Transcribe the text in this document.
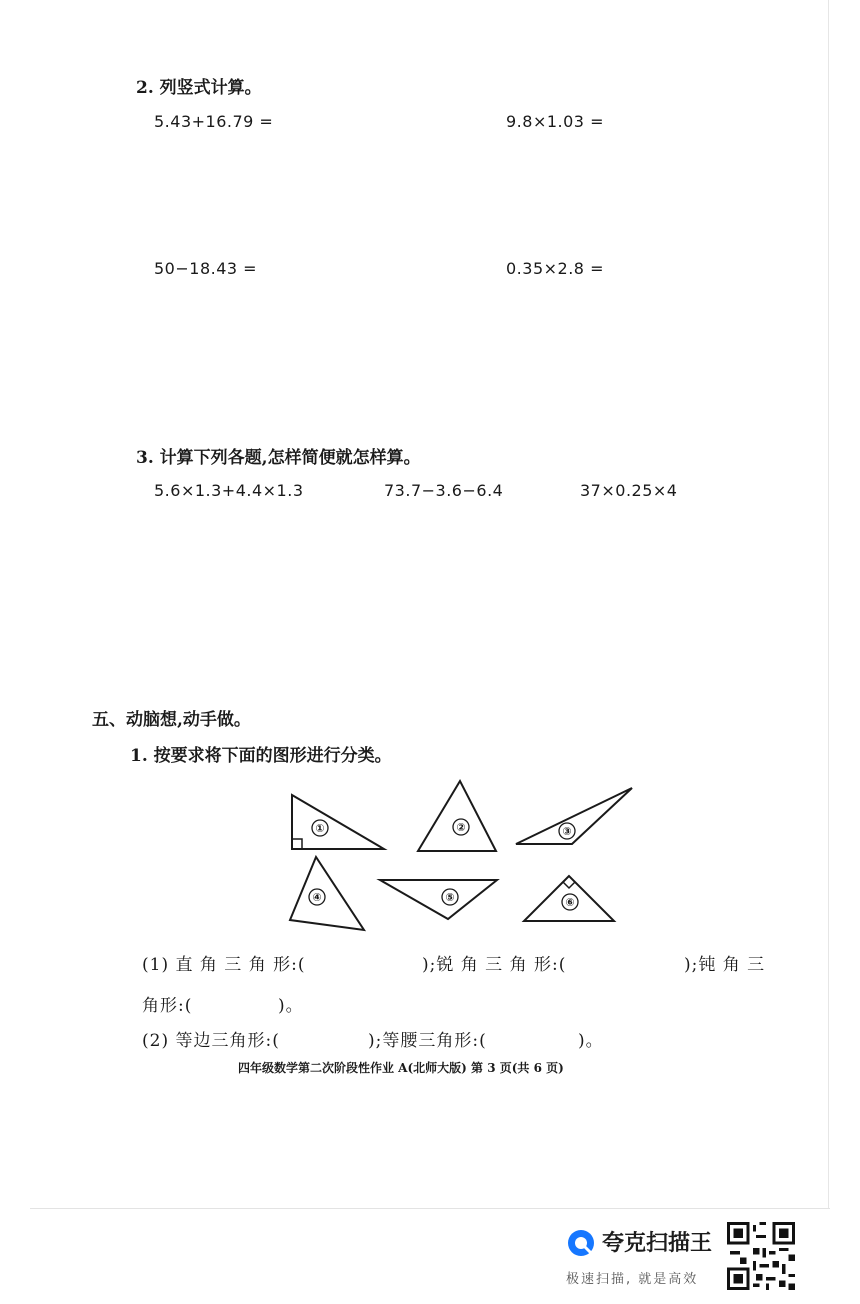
2. 列竖式计算。
5.43+16.79 =	9.8×1.03 =
50−18.43 =	0.35×2.8 =
3. 计算下列各题,怎样简便就怎样算。
5.6×1.3+4.4×1.3	73.7−3.6−6.4	37×0.25×4
五、动脑想,动手做。
1. 按要求将下面的图形进行分类。
①	②	③
④	⑤	⑥
(1) 直 角 三 角 形:(	);锐 角 三 角 形:(	);钝 角 三
角形:(	)。
(2) 等边三角形:(	);等腰三角形:(	)。
四年级数学第二次阶段性作业 A(北师大版) 第 3 页(共 6 页)
夸克扫描王
极速扫描, 就是高效
